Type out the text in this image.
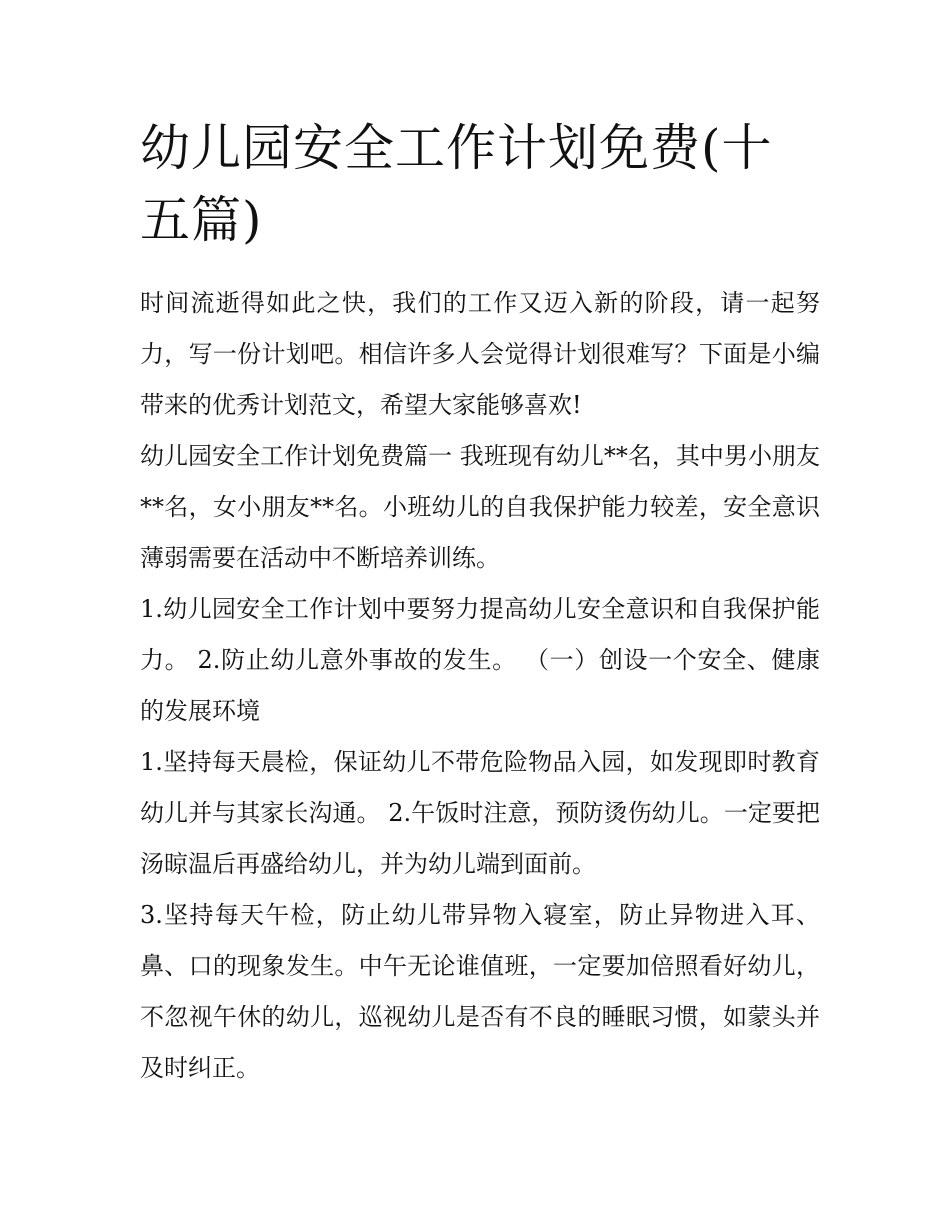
幼儿园安全工作计划免费(十五篇)

时间流逝得如此之快，我们的工作又迈入新的阶段，请一起努力，写一份计划吧。相信许多人会觉得计划很难写？下面是小编带来的优秀计划范文，希望大家能够喜欢!

幼儿园安全工作计划免费篇一 我班现有幼儿**名，其中男小朋友**名，女小朋友**名。小班幼儿的自我保护能力较差，安全意识薄弱需要在活动中不断培养训练。

1.幼儿园安全工作计划中要努力提高幼儿安全意识和自我保护能力。 2.防止幼儿意外事故的发生。 （一）创设一个安全、健康的发展环境

1.坚持每天晨检，保证幼儿不带危险物品入园，如发现即时教育幼儿并与其家长沟通。 2.午饭时注意，预防烫伤幼儿。一定要把汤晾温后再盛给幼儿，并为幼儿端到面前。

3.坚持每天午检，防止幼儿带异物入寝室，防止异物进入耳、鼻、口的现象发生。中午无论谁值班，一定要加倍照看好幼儿，不忽视午休的幼儿，巡视幼儿是否有不良的睡眠习惯，如蒙头并及时纠正。
